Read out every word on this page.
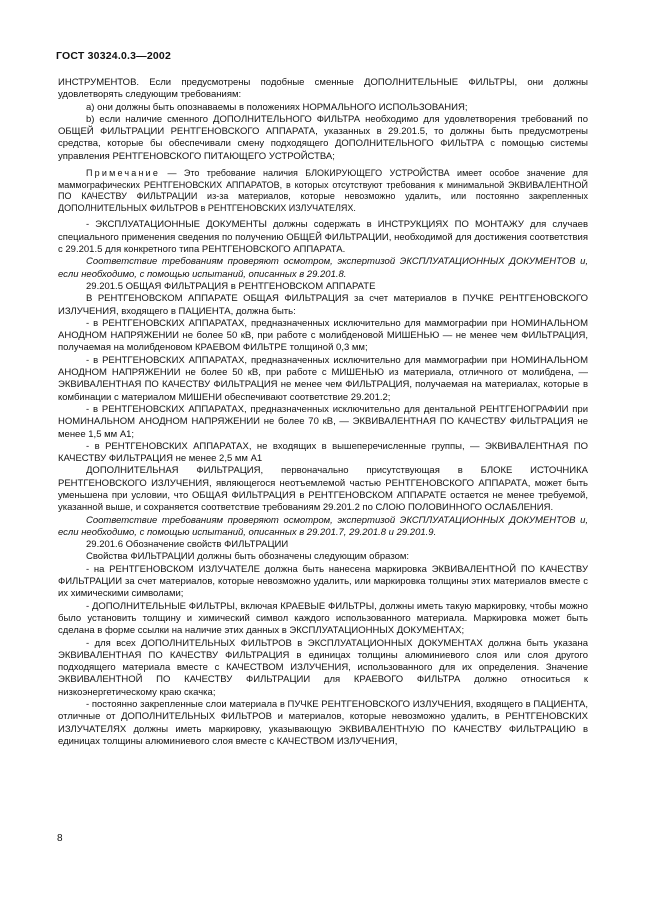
ГОСТ 30324.0.3—2002

ИНСТРУМЕНТОВ. Если предусмотрены подобные сменные ДОПОЛНИТЕЛЬНЫЕ ФИЛЬТРЫ, они должны удовлетворять следующим требованиям:

а) они должны быть опознаваемы в положениях НОРМАЛЬНОГО ИСПОЛЬЗОВАНИЯ;

b) если наличие сменного ДОПОЛНИТЕЛЬНОГО ФИЛЬТРА необходимо для удовлетворения требований по ОБЩЕЙ ФИЛЬТРАЦИИ РЕНТГЕНОВСКОГО АППАРАТА, указанных в 29.201.5, то должны быть предусмотрены средства, которые бы обеспечивали смену подходящего ДОПОЛНИТЕЛЬНОГО ФИЛЬТРА с помощью системы управления РЕНТГЕНОВСКОГО ПИТАЮЩЕГО УСТРОЙСТВА;

Примечание — Это требование наличия БЛОКИРУЮЩЕГО УСТРОЙСТВА имеет особое значение для маммографических РЕНТГЕНОВСКИХ АППАРАТОВ, в которых отсутствуют требования к минимальной ЭКВИВАЛЕНТНОЙ ПО КАЧЕСТВУ ФИЛЬТРАЦИИ из-за материалов, которые невозможно удалить, или постоянно закрепленных ДОПОЛНИТЕЛЬНЫХ ФИЛЬТРОВ в РЕНТГЕНОВСКИХ ИЗЛУЧАТЕЛЯХ.

- ЭКСПЛУАТАЦИОННЫЕ ДОКУМЕНТЫ должны содержать в ИНСТРУКЦИЯХ ПО МОНТАЖУ для случаев специального применения сведения по получению ОБЩЕЙ ФИЛЬТРАЦИИ, необходимой для достижения соответствия с 29.201.5 для конкретного типа РЕНТГЕНОВСКОГО АППАРАТА.

Соответствие требованиям проверяют осмотром, экспертизой ЭКСПЛУАТАЦИОННЫХ ДОКУМЕНТОВ и, если необходимо, с помощью испытаний, описанных в 29.201.8.

29.201.5 ОБЩАЯ ФИЛЬТРАЦИЯ в РЕНТГЕНОВСКОМ АППАРАТЕ

В РЕНТГЕНОВСКОМ АППАРАТЕ ОБЩАЯ ФИЛЬТРАЦИЯ за счет материалов в ПУЧКЕ РЕНТГЕНОВСКОГО ИЗЛУЧЕНИЯ, входящего в ПАЦИЕНТА, должна быть:

- в РЕНТГЕНОВСКИХ АППАРАТАХ, предназначенных исключительно для маммографии при НОМИНАЛЬНОМ АНОДНОМ НАПРЯЖЕНИИ не более 50 кВ, при работе с молибденовой МИШЕНЬЮ — не менее чем ФИЛЬТРАЦИЯ, получаемая на молибденовом КРАЕВОМ ФИЛЬТРЕ толщиной 0,3 мм;

- в РЕНТГЕНОВСКИХ АППАРАТАХ, предназначенных исключительно для маммографии при НОМИНАЛЬНОМ АНОДНОМ НАПРЯЖЕНИИ не более 50 кВ, при работе с МИШЕНЬЮ из материала, отличного от молибдена, — ЭКВИВАЛЕНТНАЯ ПО КАЧЕСТВУ ФИЛЬТРАЦИЯ не менее чем ФИЛЬТРАЦИЯ, получаемая на материалах, которые в комбинации с материалом МИШЕНИ обеспечивают соответствие 29.201.2;

- в РЕНТГЕНОВСКИХ АППАРАТАХ, предназначенных исключительно для дентальной РЕНТГЕНОГРАФИИ при НОМИНАЛЬНОМ АНОДНОМ НАПРЯЖЕНИИ не более 70 кВ, — ЭКВИВАЛЕНТНАЯ ПО КАЧЕСТВУ ФИЛЬТРАЦИЯ не менее 1,5 мм А1;

- в РЕНТГЕНОВСКИХ АППАРАТАХ, не входящих в вышеперечисленные группы, — ЭКВИВАЛЕНТНАЯ ПО КАЧЕСТВУ ФИЛЬТРАЦИЯ не менее 2,5 мм А1

ДОПОЛНИТЕЛЬНАЯ ФИЛЬТРАЦИЯ, первоначально присутствующая в БЛОКЕ ИСТОЧНИКА РЕНТГЕНОВСКОГО ИЗЛУЧЕНИЯ, являющегося неотъемлемой частью РЕНТГЕНОВСКОГО АППАРАТА, может быть уменьшена при условии, что ОБЩАЯ ФИЛЬТРАЦИЯ в РЕНТГЕНОВСКОМ АППАРАТЕ остается не менее требуемой, указанной выше, и сохраняется соответствие требованиям 29.201.2 по СЛОЮ ПОЛОВИННОГО ОСЛАБЛЕНИЯ.

Соответствие требованиям проверяют осмотром, экспертизой ЭКСПЛУАТАЦИОННЫХ ДОКУМЕНТОВ и, если необходимо, с помощью испытаний, описанных в 29.201.7, 29.201.8 и 29.201.9.

29.201.6 Обозначение свойств ФИЛЬТРАЦИИ

Свойства ФИЛЬТРАЦИИ должны быть обозначены следующим образом:

- на РЕНТГЕНОВСКОМ ИЗЛУЧАТЕЛЕ должна быть нанесена маркировка ЭКВИВАЛЕНТНОЙ ПО КАЧЕСТВУ ФИЛЬТРАЦИИ за счет материалов, которые невозможно удалить, или маркировка толщины этих материалов вместе с их химическими символами;

- ДОПОЛНИТЕЛЬНЫЕ ФИЛЬТРЫ, включая КРАЕВЫЕ ФИЛЬТРЫ, должны иметь такую маркировку, чтобы можно было установить толщину и химический символ каждого использованного материала. Маркировка может быть сделана в форме ссылки на наличие этих данных в ЭКСПЛУАТАЦИОННЫХ ДОКУМЕНТАХ;

- для всех ДОПОЛНИТЕЛЬНЫХ ФИЛЬТРОВ в ЭКСПЛУАТАЦИОННЫХ ДОКУМЕНТАХ должна быть указана ЭКВИВАЛЕНТНАЯ ПО КАЧЕСТВУ ФИЛЬТРАЦИЯ в единицах толщины алюминиевого слоя или слоя другого подходящего материала вместе с КАЧЕСТВОМ ИЗЛУЧЕНИЯ, использованного для их определения. Значение ЭКВИВАЛЕНТНОЙ ПО КАЧЕСТВУ ФИЛЬТРАЦИИ для КРАЕВОГО ФИЛЬТРА должно относиться к низкоэнергетическому краю скачка;

- постоянно закрепленные слои материала в ПУЧКЕ РЕНТГЕНОВСКОГО ИЗЛУЧЕНИЯ, входящего в ПАЦИЕНТА, отличные от ДОПОЛНИТЕЛЬНЫХ ФИЛЬТРОВ и материалов, которые невозможно удалить, в РЕНТГЕНОВСКИХ ИЗЛУЧАТЕЛЯХ должны иметь маркировку, указывающую ЭКВИВАЛЕНТНУЮ ПО КАЧЕСТВУ ФИЛЬТРАЦИЮ в единицах толщины алюминиевого слоя вместе с КАЧЕСТВОМ ИЗЛУЧЕНИЯ,

8
